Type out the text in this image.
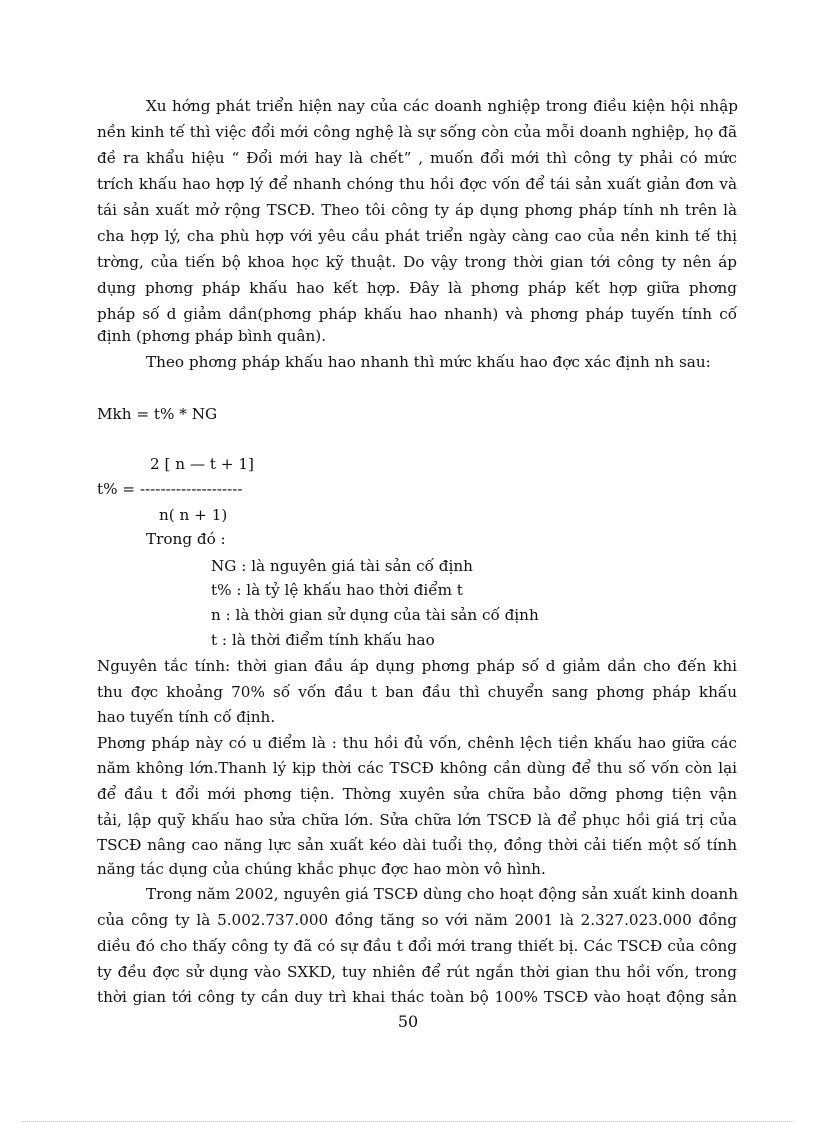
Xu hớng phát triển hiện nay của các doanh nghiệp trong điều kiện hội nhập
nền kinh tế thì việc đổi mới công nghệ là sự sống còn của mỗi doanh nghiệp, họ đã
đề ra khẩu hiệu “ Đổi mới hay là chết” , muốn đổi mới thì công ty phải có mức
trích khấu hao hợp lý để nhanh chóng thu hồi đợc vốn để tái sản xuất giản đơn và
tái sản xuất mở rộng TSCĐ. Theo tôi công ty áp dụng phơng pháp tính nh trên là
cha hợp lý, cha phù hợp với yêu cầu phát triển ngày càng cao của nền kinh tế thị
trờng, của tiến bộ khoa học kỹ thuật. Do vậy trong thời gian tới công ty nên áp
dụng phơng pháp khấu hao kết hợp. Đây là phơng pháp kết hợp giữa phơng
pháp số d giảm dần(phơng pháp khấu hao nhanh) và phơng pháp tuyến tính cố
định (phơng pháp bình quân).
Theo phơng pháp khấu hao nhanh thì mức khấu hao đợc xác định nh sau:
Mkh = t% * NG
2 [ n — t + 1]
t% = --------------------
n( n + 1)
Trong đó :
NG : là nguyên giá tài sản cố định
t% : là tỷ lệ khấu hao thời điểm t
n : là thời gian sử dụng của tài sản cố định
t : là thời điểm tính khấu hao
Nguyên tắc tính: thời gian đầu áp dụng phơng pháp số d giảm dần cho đến khi
thu đợc khoảng 70% số vốn đầu t ban đầu thì chuyển sang phơng pháp khấu
hao tuyến tính cố định.
Phơng pháp này có u điểm là : thu hồi đủ vốn, chênh lệch tiền khấu hao giữa các
năm không lớn.Thanh lý kịp thời các TSCĐ không cần dùng để thu số vốn còn lại
để đầu t đổi mới phơng tiện. Thờng xuyên sửa chữa bảo dỡng phơng tiện vận
tải, lập quỹ khấu hao sửa chữa lớn. Sửa chữa lớn TSCĐ là để phục hồi giá trị của
TSCĐ nâng cao năng lực sản xuất kéo dài tuổi thọ, đồng thời cải tiến một số tính
năng tác dụng của chúng khắc phục đợc hao mòn vô hình.
Trong năm 2002, nguyên giá TSCĐ dùng cho hoạt động sản xuất kinh doanh
của công ty là 5.002.737.000 đồng tăng so với năm 2001 là 2.327.023.000 đồng
diều đó cho thấy công ty đã có sự đầu t đổi mới trang thiết bị. Các TSCĐ của công
ty đều đợc sử dụng vào SXKD, tuy nhiên để rút ngắn thời gian thu hồi vốn, trong
thời gian tới công ty cần duy trì khai thác toàn bộ 100% TSCĐ vào hoạt động sản
50
